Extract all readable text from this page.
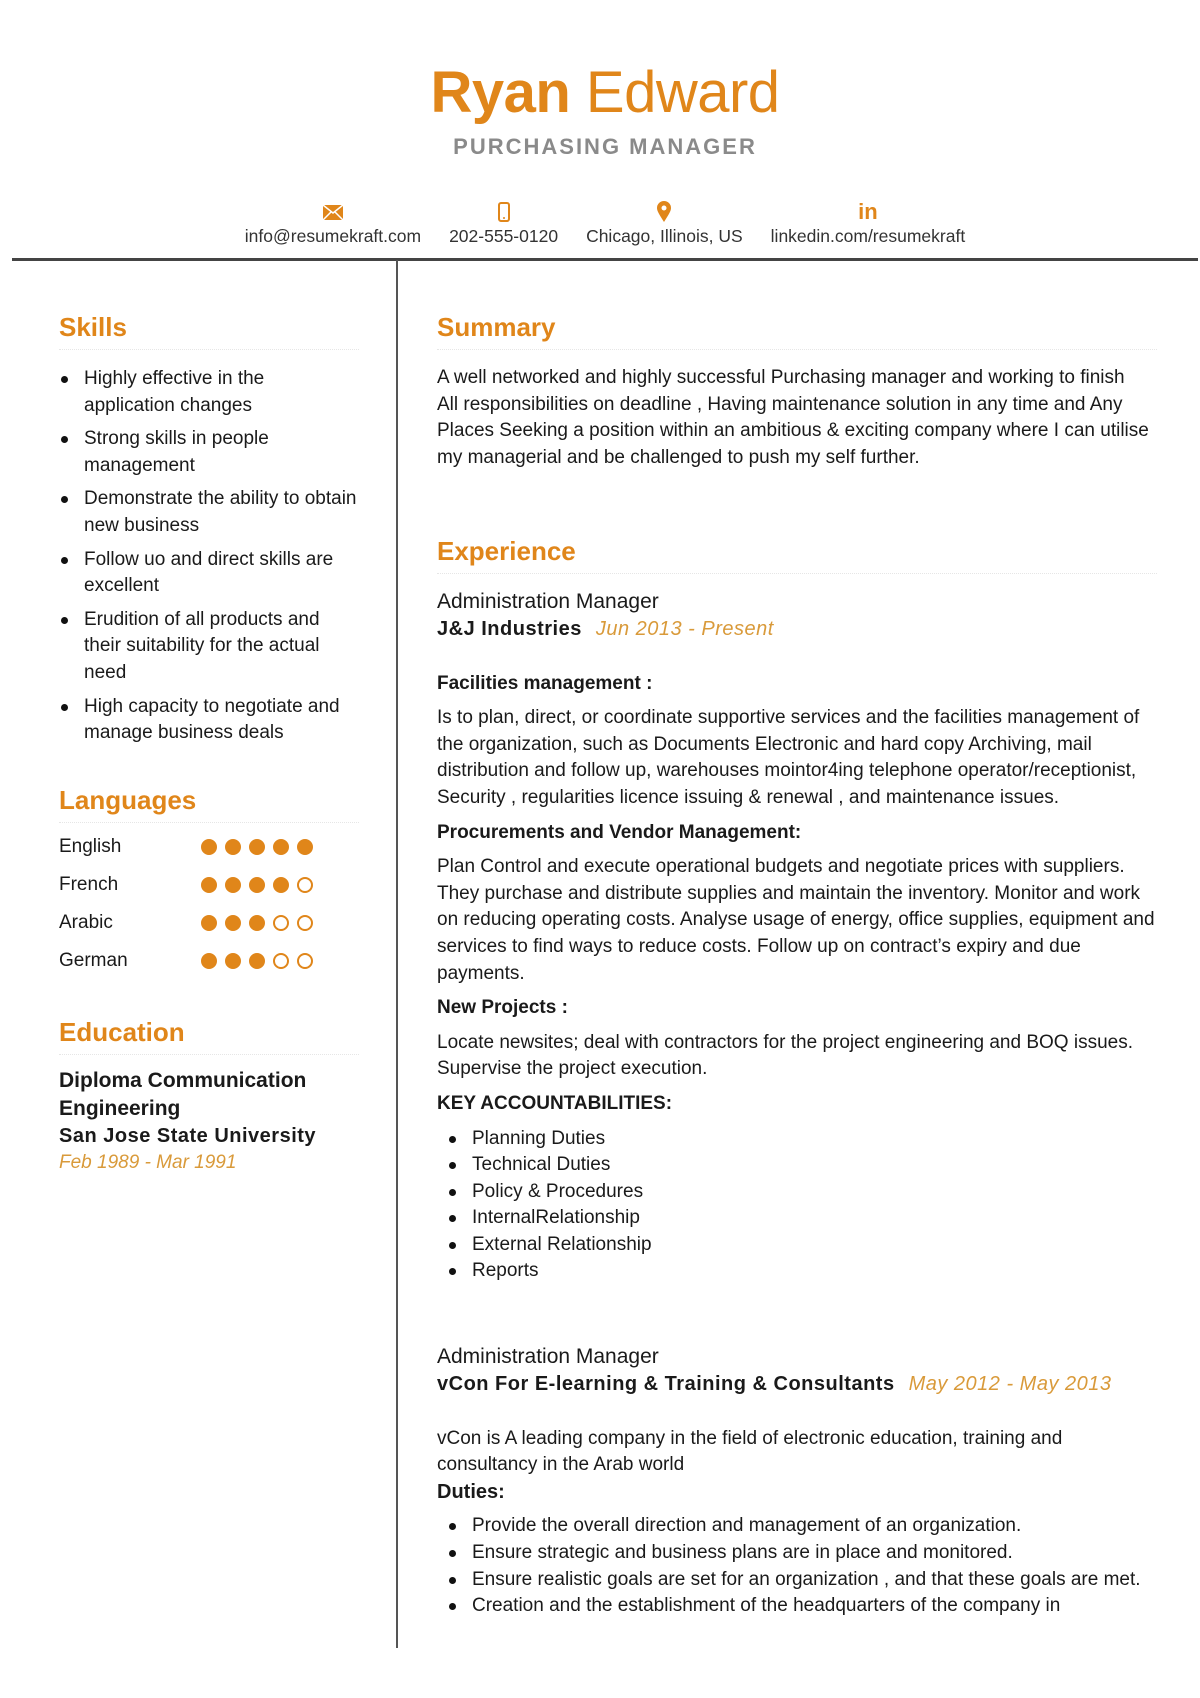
Ryan Edward
PURCHASING MANAGER
info@resumekraft.com 202-555-0120 Chicago, Illinois, US
in
linkedin.com/resumekraft
Skills
Highly effective in the application changes
Strong skills in people management
Demonstrate the ability to obtain new business
Follow uo and direct skills are excellent
Erudition of all products and their suitability for the actual need
High capacity to negotiate and manage business deals
Languages
English
French
Arabic
German
Education
Diploma Communication Engineering
San Jose State University
Feb 1989 - Mar 1991
Summary
A well networked and highly successful Purchasing manager and working to finish All responsibilities on deadline , Having maintenance solution in any time and Any Places Seeking a position within an ambitious & exciting company where I can utilise my managerial and be challenged to push my self further.
Experience
Administration Manager
J&J Industries Jun 2013 - Present
Facilities management :
Is to plan, direct, or coordinate supportive services and the facilities management of the organization, such as Documents Electronic and hard copy Archiving, mail distribution and follow up, warehouses mointor4ing telephone operator/receptionist, Security , regularities licence issuing & renewal , and maintenance issues.
Procurements and Vendor Management:
Plan Control and execute operational budgets and negotiate prices with suppliers. They purchase and distribute supplies and maintain the inventory. Monitor and work on reducing operating costs. Analyse usage of energy, office supplies, equipment and services to find ways to reduce costs. Follow up on contract’s expiry and due payments.
New Projects :
Locate newsites; deal with contractors for the project engineering and BOQ issues. Supervise the project execution.
KEY ACCOUNTABILITIES:
Planning Duties
Technical Duties
Policy & Procedures
InternalRelationship
External Relationship
Reports
Administration Manager
vCon For E-learning & Training & Consultants May 2012 - May 2013
vCon is A leading company in the field of electronic education, training and consultancy in the Arab world
Duties:
Provide the overall direction and management of an organization.
Ensure strategic and business plans are in place and monitored.
Ensure realistic goals are set for an organization , and that these goals are met.
Creation and the establishment of the headquarters of the company in
